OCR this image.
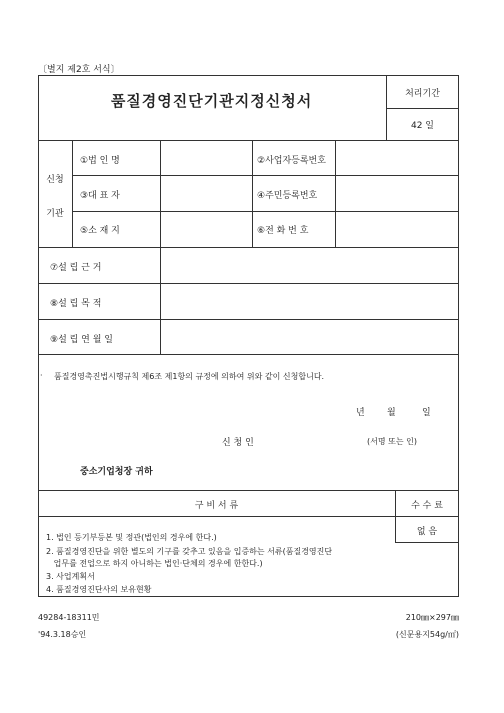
〔별지 제2호 서식〕
품질경영진단기관지정신청서	처리기간
42 일
신청
기관
①법 인 명	②사업자등록번호
③대 표 자	④주민등록번호
⑤소 재 지	⑥전 화 번 호
⑦설 립 근 거
⑧설 립 목 적
⑨설 립 연 월 일
· 품질경영촉진법시행규칙 제6조 제1항의 규정에 의하여 위와 같이 신청합니다.
년 월	일
신 청 인	(서명 또는 인)
중소기업청장 귀하
구 비 서 류	수 수 료
없 음
1. 법인 등기부등본 및 정관(법인의 경우에 한다.)
2. 품질경영진단을 위한 별도의 기구를 갖추고 있음을 입증하는 서류(품질경영진단
업무를 전업으로 하지 아니하는 법인·단체의 경우에 한한다.)
3. 사업계획서
4. 품질경영진단사의 보유현황
49284-18311민	210㎜×297㎜
'94.3.18승인	(신문용지54g/㎡)
